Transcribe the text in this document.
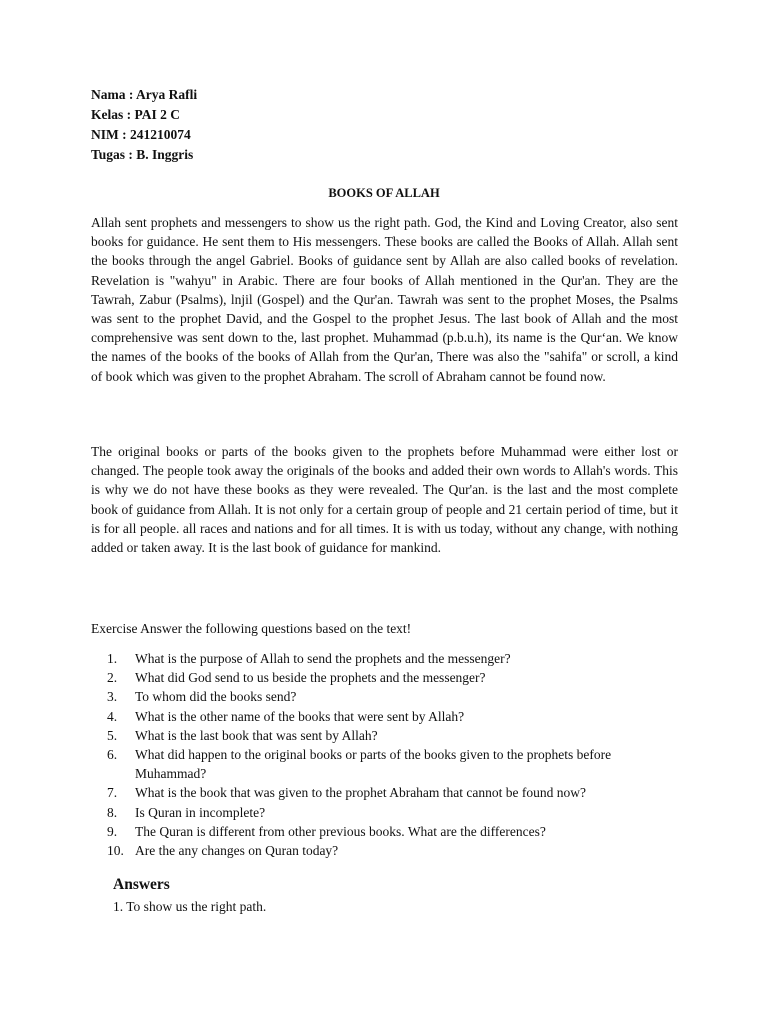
Nama : Arya Rafli
Kelas : PAI 2 C
NIM : 241210074
Tugas : B. Inggris
BOOKS OF ALLAH

Allah sent prophets and messengers to show us the right path. God, the Kind and Loving Creator, also sent books for guidance. He sent them to His messengers. These books are called the Books of Allah. Allah sent the books through the angel Gabriel. Books of guidance sent by Allah are also called books of revelation. Revelation is "wahyu" in Arabic. There are four books of Allah mentioned in the Qur'an. They are the Tawrah, Zabur (Psalms), lnjil (Gospel) and the Qur'an. Tawrah was sent to the prophet Moses, the Psalms was sent to the prophet David, and the Gospel to the prophet Jesus. The last book of Allah and the most comprehensive was sent down to the, last prophet. Muhammad (p.b.u.h), its name is the Qur‘an. We know the names of the books of the books of Allah from the Qur'an, There was also the "sahifa" or scroll, a kind of book which was given to the prophet Abraham. The scroll of Abraham cannot be found now.

The original books or parts of the books given to the prophets before Muhammad were either lost or changed. The people took away the originals of the books and added their own words to Allah's words. This is why we do not have these books as they were revealed. The Qur'an. is the last and the most complete book of guidance from Allah. It is not only for a certain group of people and 21 certain period of time, but it is for all people. all races and nations and for all times. It is with us today, without any change, with nothing added or taken away. It is the last book of guidance for mankind.

Exercise Answer the following questions based on the text!
1.	What is the purpose of Allah to send the prophets and the messenger?
2.	What did God send to us beside the prophets and the messenger?
3.	To whom did the books send?
4.	What is the other name of the books that were sent by Allah?
5.	What is the last book that was sent by Allah?
6.	What did happen to the original books or parts of the books given to the prophets before Muhammad?
7.	What is the book that was given to the prophet Abraham that cannot be found now?
8.	Is Quran in incomplete?
9.	The Quran is different from other previous books. What are the differences?
10. Are the any changes on Quran today?
Answers
1. To show us the right path.
